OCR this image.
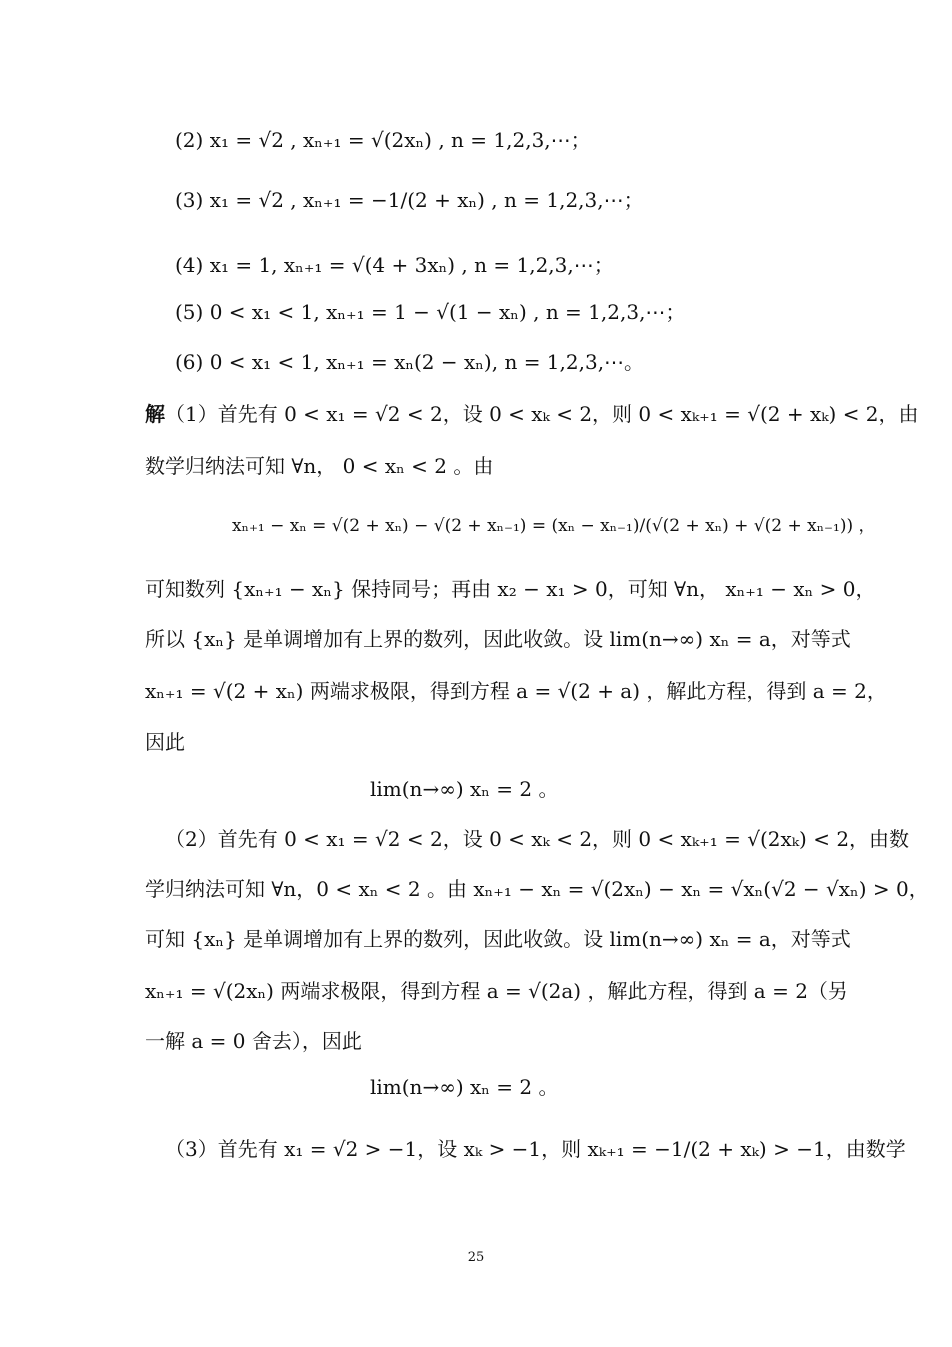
(2) x₁ = √2 , xₙ₊₁ = √(2xₙ) , n = 1,2,3,⋯；
(3) x₁ = √2 , xₙ₊₁ = −1/(2 + xₙ) , n = 1,2,3,⋯；
(4) x₁ = 1, xₙ₊₁ = √(4 + 3xₙ) , n = 1,2,3,⋯；
(5) 0 < x₁ < 1, xₙ₊₁ = 1 − √(1 − xₙ) , n = 1,2,3,⋯；
(6) 0 < x₁ < 1, xₙ₊₁ = xₙ(2 − xₙ), n = 1,2,3,⋯。
解（1）首先有 0 < x₁ = √2 < 2，设 0 < xₖ < 2，则 0 < xₖ₊₁ = √(2 + xₖ) < 2，由
数学归纳法可知 ∀n， 0 < xₙ < 2 。由
xₙ₊₁ − xₙ = √(2 + xₙ) − √(2 + xₙ₋₁) = (xₙ − xₙ₋₁)/(√(2 + xₙ) + √(2 + xₙ₋₁)) ，
可知数列 {xₙ₊₁ − xₙ} 保持同号；再由 x₂ − x₁ > 0，可知 ∀n， xₙ₊₁ − xₙ > 0，
所以 {xₙ} 是单调增加有上界的数列，因此收敛。设 lim(n→∞) xₙ = a，对等式
xₙ₊₁ = √(2 + xₙ) 两端求极限，得到方程 a = √(2 + a) ，解此方程，得到 a = 2，
因此
lim(n→∞) xₙ = 2 。
（2）首先有 0 < x₁ = √2 < 2，设 0 < xₖ < 2，则 0 < xₖ₊₁ = √(2xₖ) < 2，由数
学归纳法可知 ∀n，0 < xₙ < 2 。由 xₙ₊₁ − xₙ = √(2xₙ) − xₙ = √xₙ(√2 − √xₙ) > 0，
可知 {xₙ} 是单调增加有上界的数列，因此收敛。设 lim(n→∞) xₙ = a，对等式
xₙ₊₁ = √(2xₙ) 两端求极限，得到方程 a = √(2a) ，解此方程，得到 a = 2（另
一解 a = 0 舍去），因此
lim(n→∞) xₙ = 2 。
（3）首先有 x₁ = √2 > −1，设 xₖ > −1，则 xₖ₊₁ = −1/(2 + xₖ) > −1，由数学
25
